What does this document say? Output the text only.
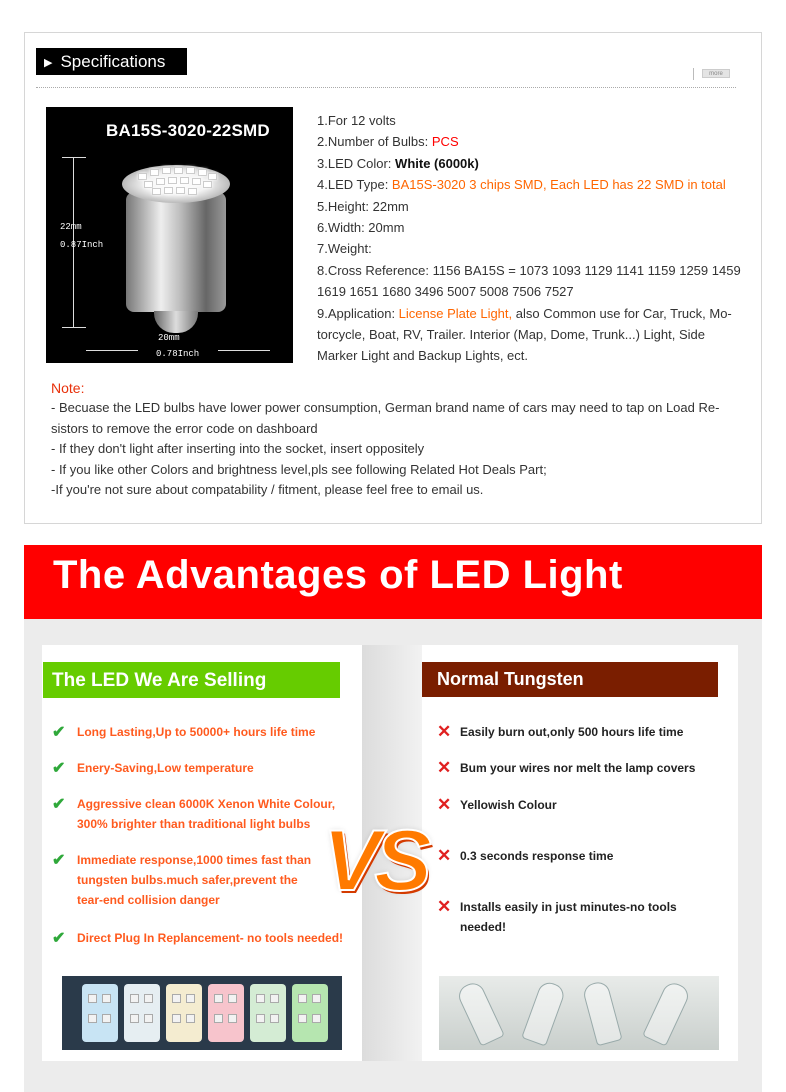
▶ Specifications
more
BA15S-3020-22SMD
22mm
0.87Inch
20mm
0.78Inch
1.For 12 volts
2.Number of Bulbs: PCS
3.LED Color: White (6000k)
4.LED Type: BA15S-3020 3 chips SMD, Each LED has 22 SMD in total
5.Height: 22mm
6.Width: 20mm
7.Weight:
8.Cross Reference: 1156 BA15S = 1073 1093 1129 1141 1159 1259 1459 1619 1651 1680 3496 5007 5008 7506 7527
9.Application: License Plate Light, also Common use for Car, Truck, Mo-torcycle, Boat, RV, Trailer. Interior (Map, Dome, Trunk...) Light, Side Marker Light and Backup Lights, ect.
Note:
- Becuase the LED bulbs have lower power consumption, German brand name of cars may need to tap on Load Re-sistors to remove the error code on dashboard
- If they don't light after inserting into the socket, insert oppositely
- If you like other Colors and brightness level,pls see following Related Hot Deals Part;
-If you're not sure about compatability / fitment, please feel free to email us.
The Advantages of LED Light
The LED We Are Selling	Normal Tungsten
✔ Long Lasting,Up to 50000+ hours life time
✔ Enery-Saving,Low temperature
✔ Aggressive clean 6000K Xenon White Colour, 300% brighter than traditional light bulbs
✔ Immediate response,1000 times fast than tungsten bulbs.much safer,prevent the tear-end collision danger
✔ Direct Plug In Replancement- no tools needed!
✕ Easily burn out,only 500 hours life time
✕ Bum your wires nor melt the lamp covers
✕ Yellowish Colour
✕ 0.3 seconds response time
✕ Installs easily in just minutes-no tools needed!
VS
